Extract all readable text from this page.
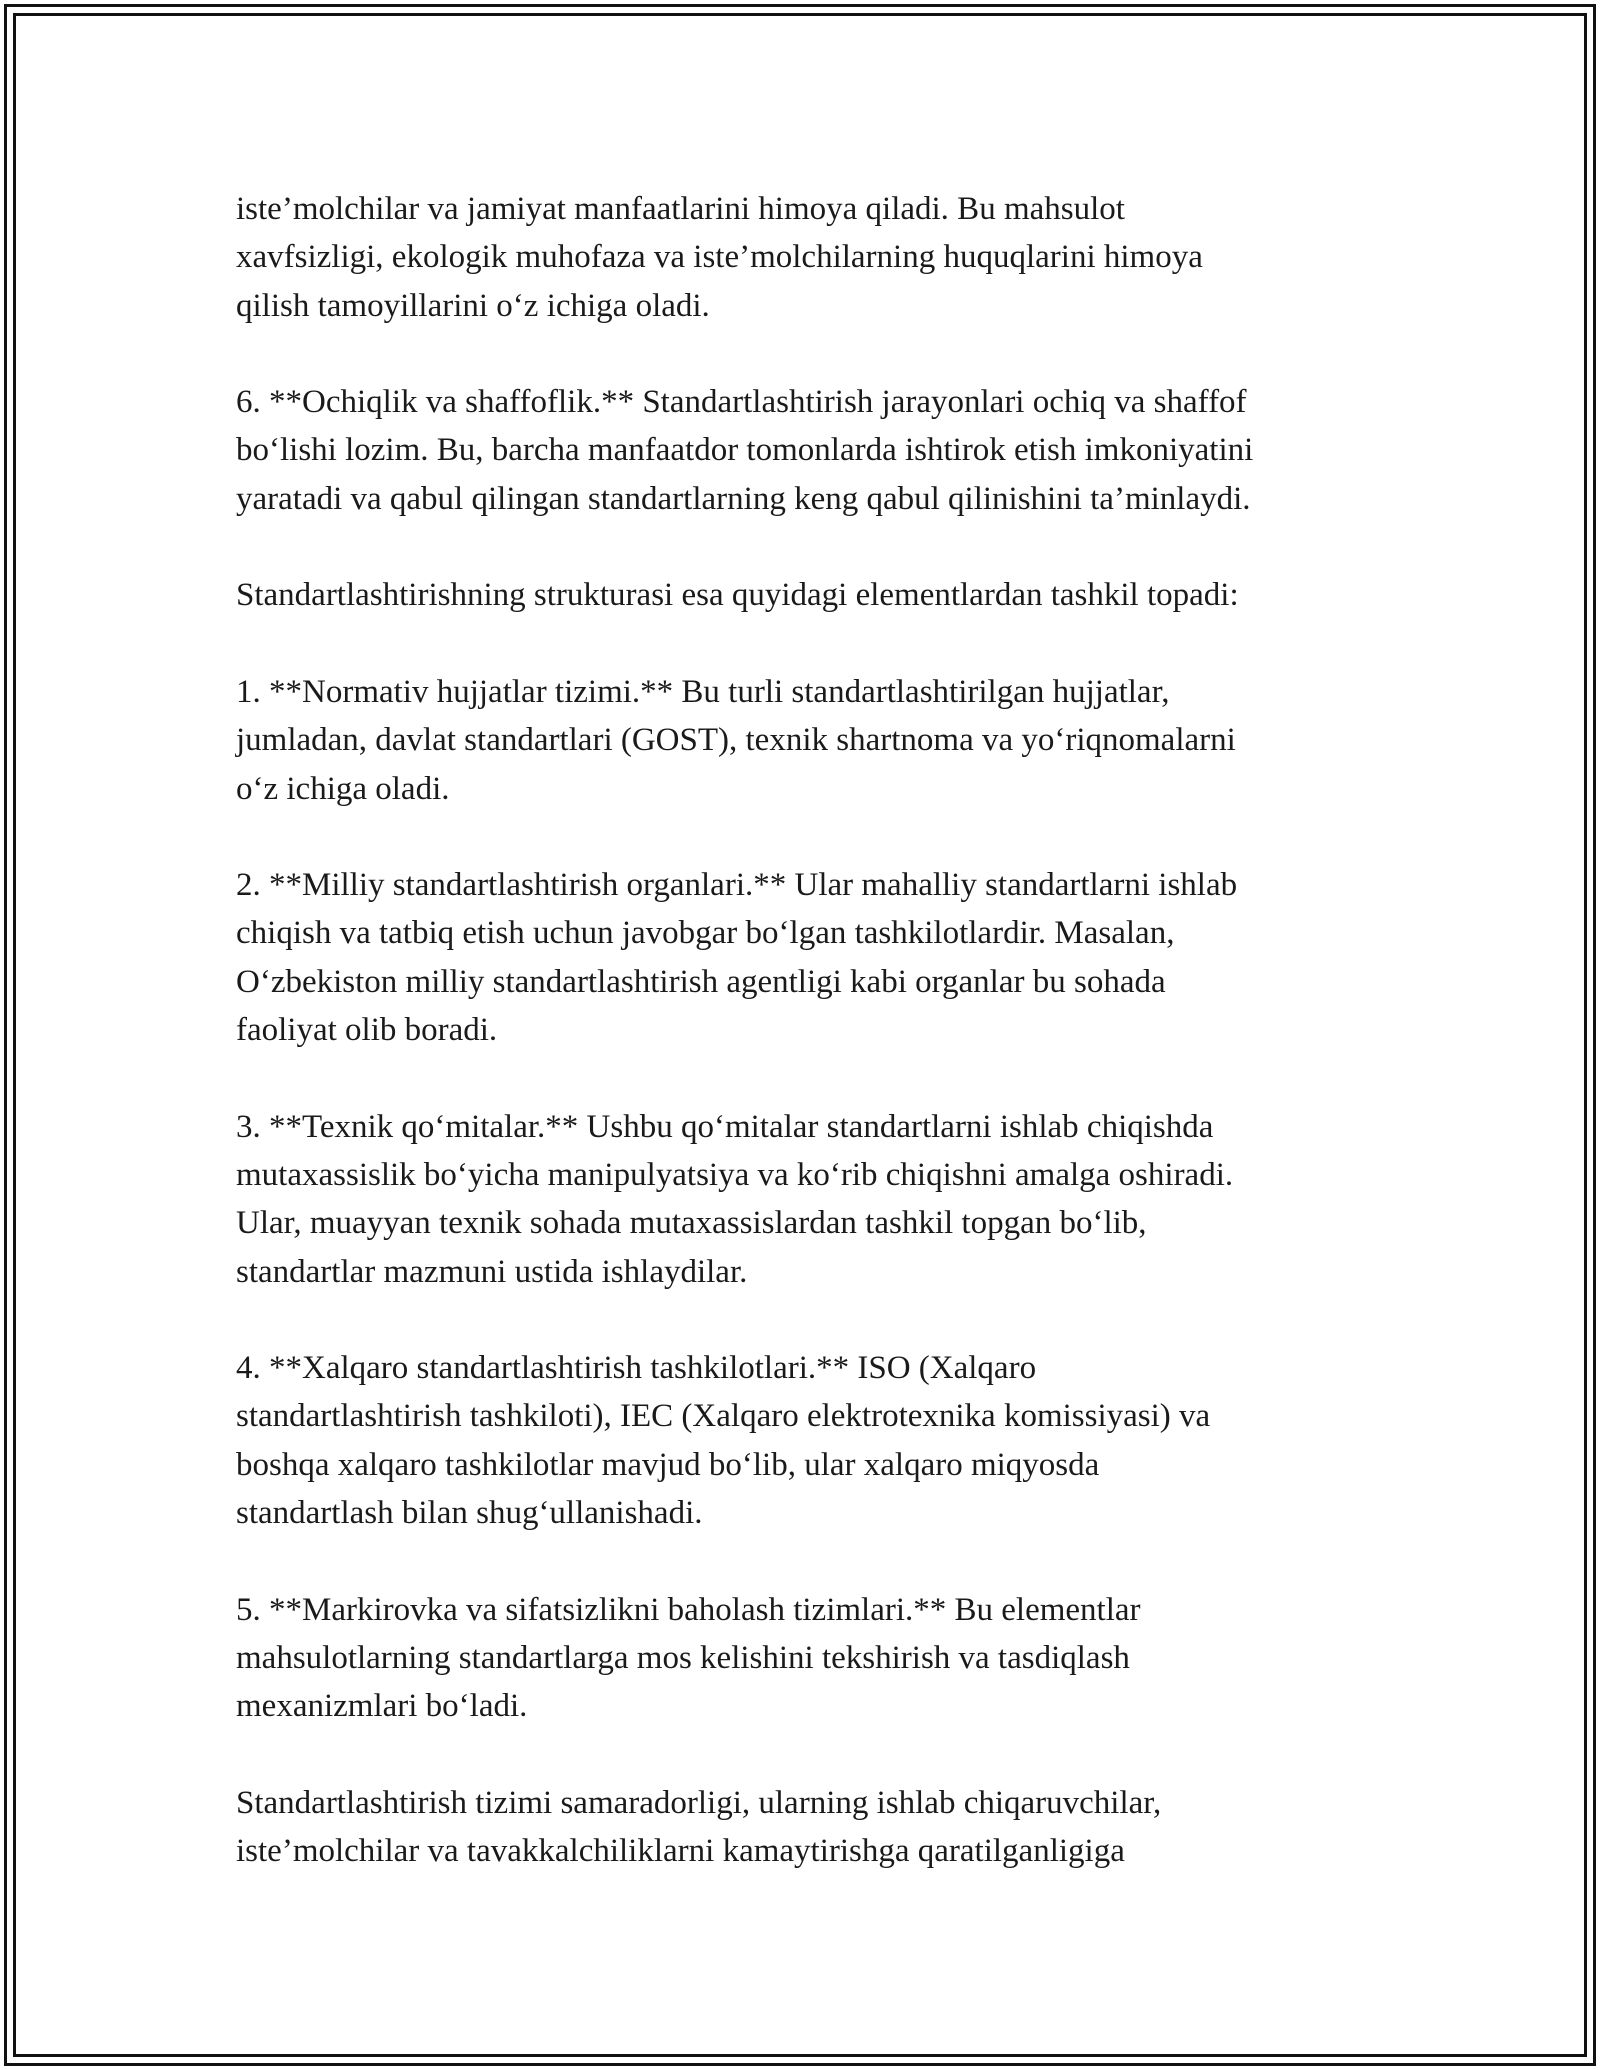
iste’molchilar va jamiyat manfaatlarini himoya qiladi. Bu mahsulot
xavfsizligi, ekologik muhofaza va iste’molchilarning huquqlarini himoya
qilish tamoyillarini o‘z ichiga oladi.

6. **Ochiqlik va shaffoflik.** Standartlashtirish jarayonlari ochiq va shaffof
bo‘lishi lozim. Bu, barcha manfaatdor tomonlarda ishtirok etish imkoniyatini
yaratadi va qabul qilingan standartlarning keng qabul qilinishini ta’minlaydi.

Standartlashtirishning strukturasi esa quyidagi elementlardan tashkil topadi:

1. **Normativ hujjatlar tizimi.** Bu turli standartlashtirilgan hujjatlar,
jumladan, davlat standartlari (GOST), texnik shartnoma va yo‘riqnomalarni
o‘z ichiga oladi.

2. **Milliy standartlashtirish organlari.** Ular mahalliy standartlarni ishlab
chiqish va tatbiq etish uchun javobgar bo‘lgan tashkilotlardir. Masalan,
O‘zbekiston milliy standartlashtirish agentligi kabi organlar bu sohada
faoliyat olib boradi.

3. **Texnik qo‘mitalar.** Ushbu qo‘mitalar standartlarni ishlab chiqishda
mutaxassislik bo‘yicha manipulyatsiya va ko‘rib chiqishni amalga oshiradi.
Ular, muayyan texnik sohada mutaxassislardan tashkil topgan bo‘lib,
standartlar mazmuni ustida ishlaydilar.

4. **Xalqaro standartlashtirish tashkilotlari.** ISO (Xalqaro
standartlashtirish tashkiloti), IEC (Xalqaro elektrotexnika komissiyasi) va
boshqa xalqaro tashkilotlar mavjud bo‘lib, ular xalqaro miqyosda
standartlash bilan shug‘ullanishadi.

5. **Markirovka va sifatsizlikni baholash tizimlari.** Bu elementlar
mahsulotlarning standartlarga mos kelishini tekshirish va tasdiqlash
mexanizmlari bo‘ladi.

Standartlashtirish tizimi samaradorligi, ularning ishlab chiqaruvchilar,
iste’molchilar va tavakkalchiliklarni kamaytirishga qaratilganligiga
